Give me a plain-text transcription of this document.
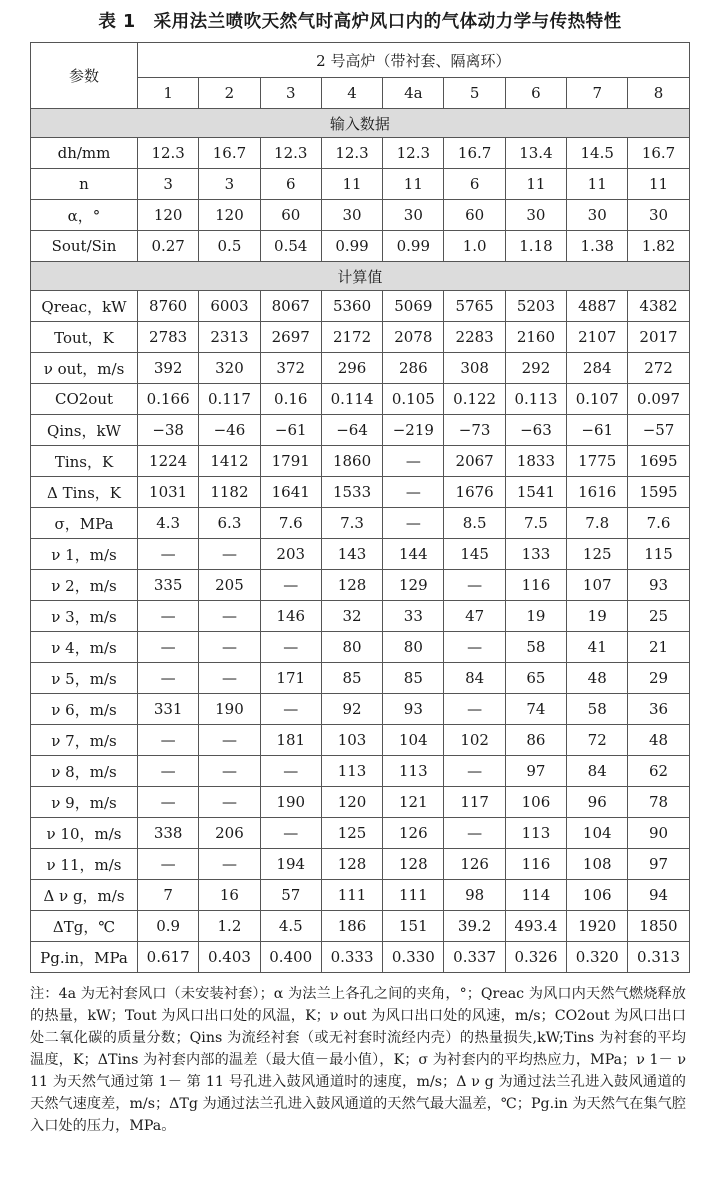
表 1　采用法兰喷吹天然气时高炉风口内的气体动力学与传热特性
参数	2 号高炉（带衬套、隔离环）								
	1	2	3	4	4a	5	6	7	8
输入数据									
dh/mm	12.3	16.7	12.3	12.3	12.3	16.7	13.4	14.5	16.7
n	3	3	6	11	11	6	11	11	11
α，°	120	120	60	30	30	60	30	30	30
Sout/Sin	0.27	0.5	0.54	0.99	0.99	1.0	1.18	1.38	1.82
计算值									
Qreac，kW	8760	6003	8067	5360	5069	5765	5203	4887	4382
Tout，K	2783	2313	2697	2172	2078	2283	2160	2107	2017
ν out，m/s	392	320	372	296	286	308	292	284	272
CO2out	0.166	0.117	0.16	0.114	0.105	0.122	0.113	0.107	0.097
Qins，kW	−38	−46	−61	−64	−219	−73	−63	−61	−57
Tins，K	1224	1412	1791	1860	—	2067	1833	1775	1695
Δ Tins，K	1031	1182	1641	1533	—	1676	1541	1616	1595
σ，MPa	4.3	6.3	7.6	7.3	—	8.5	7.5	7.8	7.6
ν 1，m/s	—	—	203	143	144	145	133	125	115
ν 2，m/s	335	205	—	128	129	—	116	107	93
ν 3，m/s	—	—	146	32	33	47	19	19	25
ν 4，m/s	—	—	—	80	80	—	58	41	21
ν 5，m/s	—	—	171	85	85	84	65	48	29
ν 6，m/s	331	190	—	92	93	—	74	58	36
ν 7，m/s	—	—	181	103	104	102	86	72	48
ν 8，m/s	—	—	—	113	113	—	97	84	62
ν 9，m/s	—	—	190	120	121	117	106	96	78
ν 10，m/s	338	206	—	125	126	—	113	104	90
ν 11，m/s	—	—	194	128	128	126	116	108	97
Δ ν g，m/s	7	16	57	111	111	98	114	106	94
ΔTg，℃	0.9	1.2	4.5	186	151	39.2	493.4	1920	1850
Pg.in，MPa	0.617	0.403	0.400	0.333	0.330	0.337	0.326	0.320	0.313
注：4a 为无衬套风口（未安装衬套）；α 为法兰上各孔之间的夹角，°；Qreac 为风口内天然气燃烧释放的热量，kW；Tout 为风口出口处的风温，K；ν out 为风口出口处的风速，m/s；CO2out 为风口出口处二氧化碳的质量分数；Qins 为流经衬套（或无衬套时流经内壳）的热量损失,kW;Tins 为衬套的平均温度，K；ΔTins 为衬套内部的温差（最大值－最小值），K；σ 为衬套内的平均热应力，MPa；ν 1－ ν 11 为天然气通过第 1－ 第 11 号孔进入鼓风通道时的速度，m/s；Δ ν g 为通过法兰孔进入鼓风通道的天然气速度差，m/s；ΔTg 为通过法兰孔进入鼓风通道的天然气最大温差，℃；Pg.in 为天然气在集气腔入口处的压力，MPa。
